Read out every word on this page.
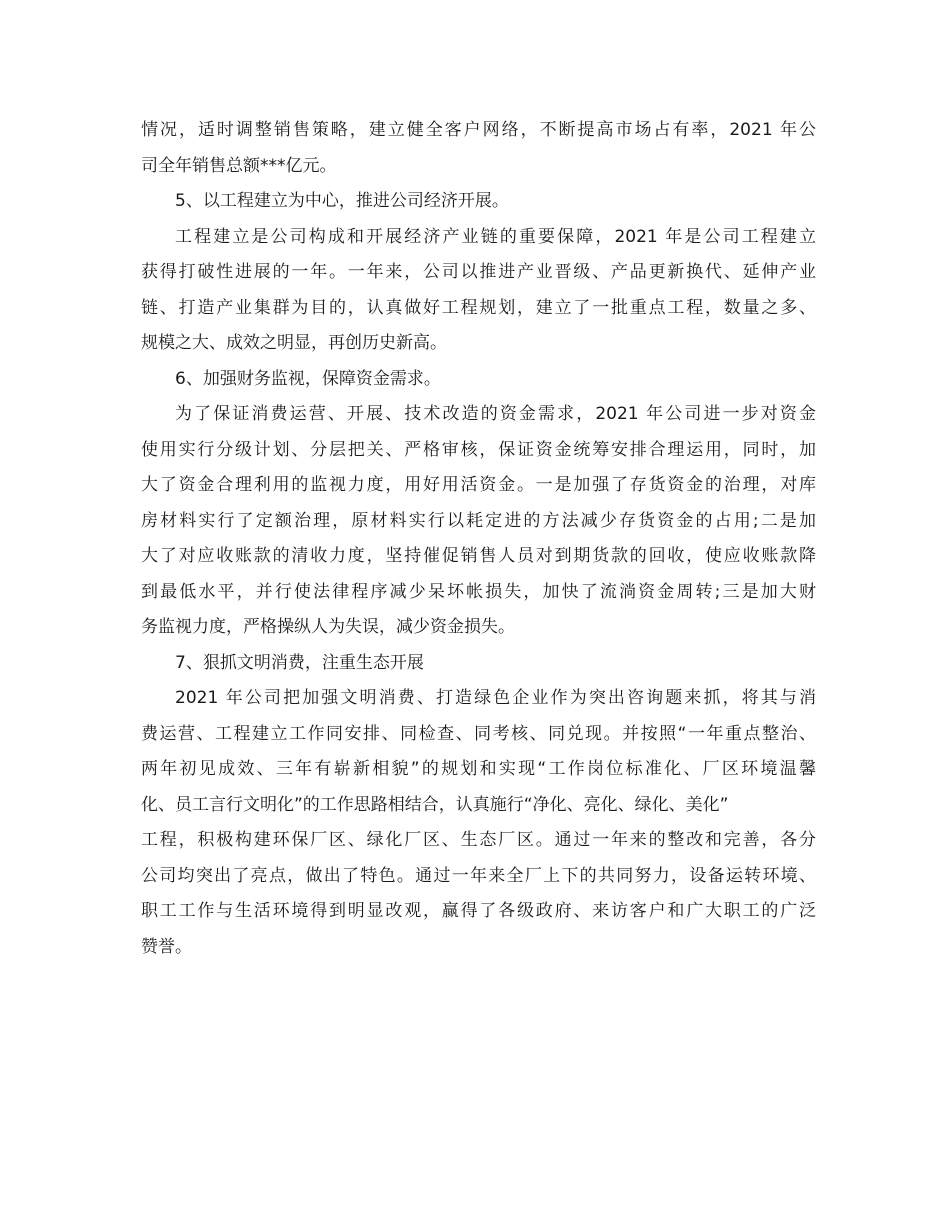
情况，适时调整销售策略，建立健全客户网络，不断提高市场占有率，2021 年公
司全年销售总额***亿元。
5、以工程建立为中心，推进公司经济开展。
工程建立是公司构成和开展经济产业链的重要保障，2021 年是公司工程建立
获得打破性进展的一年。一年来，公司以推进产业晋级、产品更新换代、延伸产业
链、打造产业集群为目的，认真做好工程规划，建立了一批重点工程，数量之多、
规模之大、成效之明显，再创历史新高。
6、加强财务监视，保障资金需求。
为了保证消费运营、开展、技术改造的资金需求，2021 年公司进一步对资金
使用实行分级计划、分层把关、严格审核，保证资金统筹安排合理运用，同时，加
大了资金合理利用的监视力度，用好用活资金。一是加强了存货资金的治理，对库
房材料实行了定额治理，原材料实行以耗定进的方法减少存货资金的占用;二是加
大了对应收账款的清收力度，坚持催促销售人员对到期货款的回收，使应收账款降
到最低水平，并行使法律程序减少呆坏帐损失，加快了流淌资金周转;三是加大财
务监视力度，严格操纵人为失误，减少资金损失。
7、狠抓文明消费，注重生态开展
2021 年公司把加强文明消费、打造绿色企业作为突出咨询题来抓，将其与消
费运营、工程建立工作同安排、同检查、同考核、同兑现。并按照“一年重点整治、
两年初见成效、三年有崭新相貌”的规划和实现“工作岗位标准化、厂区环境温馨
化、员工言行文明化”的工作思路相结合，认真施行“净化、亮化、绿化、美化”
工程，积极构建环保厂区、绿化厂区、生态厂区。通过一年来的整改和完善，各分
公司均突出了亮点，做出了特色。通过一年来全厂上下的共同努力，设备运转环境、
职工工作与生活环境得到明显改观，赢得了各级政府、来访客户和广大职工的广泛
赞誉。
